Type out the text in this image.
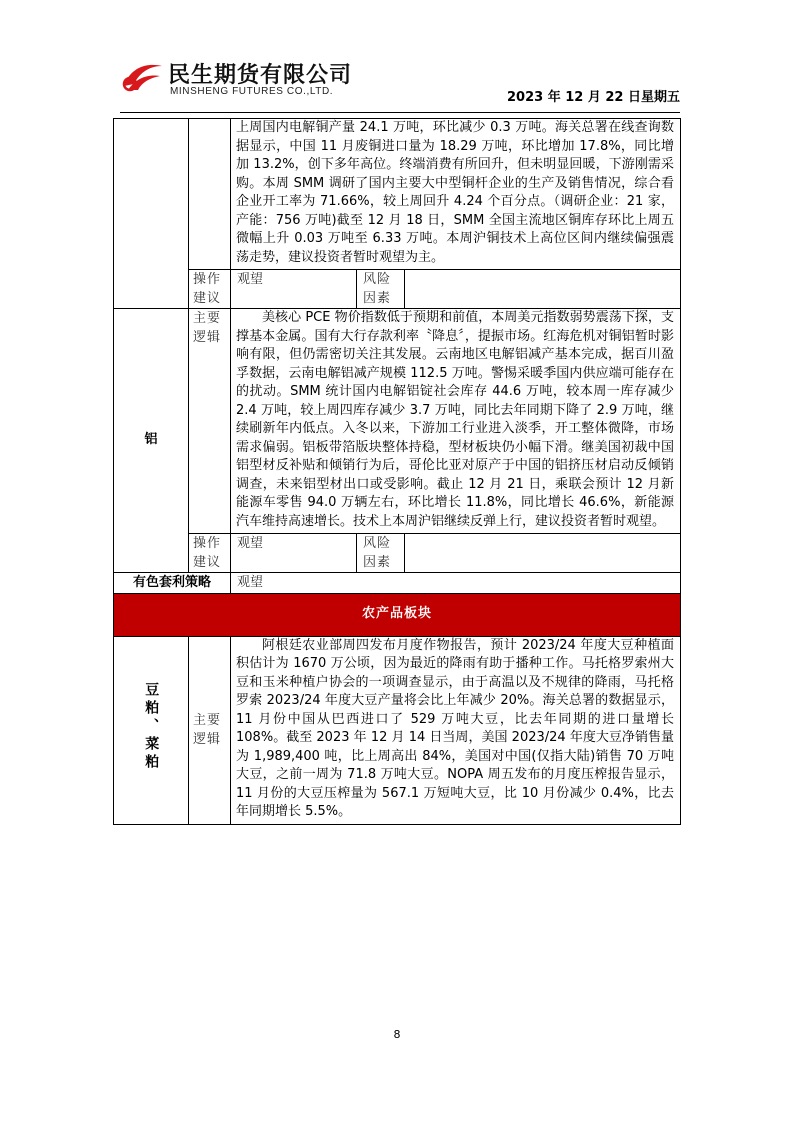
民生期货有限公司
MINSHENG FUTURES CO.,LTD.	2023 年 12 月 22 日星期五
		上周国内电解铜产量 24.1 万吨，环比减少 0.3 万吨。海关总署在线查询数据显示，中国 11 月废铜进口量为 18.29 万吨，环比增加 17.8%，同比增加 13.2%，创下多年高位。终端消费有所回升，但未明显回暖，下游刚需采购。本周 SMM 调研了国内主要大中型铜杆企业的生产及销售情况，综合看企业开工率为 71.66%，较上周回升 4.24 个百分点。（调研企业：21 家，产能：756 万吨)截至 12 月 18 日，SMM 全国主流地区铜库存环比上周五微幅上升 0.03 万吨至 6.33 万吨。本周沪铜技术上高位区间内继续偏强震荡走势，建议投资者暂时观望为主。		
	操作建议	观望	风险因素	
铝	主要逻辑	美核心 PCE 物价指数低于预期和前值，本周美元指数弱势震荡下探，支撑基本金属。国有大行存款利率〝降息〞，提振市场。红海危机对铜铝暂时影响有限，但仍需密切关注其发展。云南地区电解铝减产基本完成，据百川盈孚数据，云南电解铝减产规模 112.5 万吨。警惕采暖季国内供应端可能存在的扰动。SMM 统计国内电解铝锭社会库存 44.6 万吨，较本周一库存减少 2.4 万吨，较上周四库存减少 3.7 万吨，同比去年同期下降了 2.9 万吨，继续刷新年内低点。入冬以来，下游加工行业进入淡季，开工整体微降，市场需求偏弱。铝板带箔版块整体持稳，型材板块仍小幅下滑。继美国初裁中国铝型材反补贴和倾销行为后，哥伦比亚对原产于中国的铝挤压材启动反倾销调查，未来铝型材出口或受影响。截止 12 月 21 日，乘联会预计 12 月新能源车零售 94.0 万辆左右，环比增长 11.8%，同比增长 46.6%，新能源汽车维持高速增长。技术上本周沪铝继续反弹上行，建议投资者暂时观望。		
	操作建议	观望	风险因素	
有色套利策略		观望		
农产品板块				
豆粕、菜粕	主要逻辑	阿根廷农业部周四发布月度作物报告，预计 2023/24 年度大豆种植面积估计为 1670 万公顷，因为最近的降雨有助于播种工作。马托格罗索州大豆和玉米种植户协会的一项调查显示，由于高温以及不规律的降雨，马托格罗索 2023/24 年度大豆产量将会比上年减少 20%。海关总署的数据显示，11 月份中国从巴西进口了 529 万吨大豆，比去年同期的进口量增长 108%。截至 2023 年 12 月 14 日当周，美国 2023/24 年度大豆净销售量为 1,989,400 吨，比上周高出 84%，美国对中国(仅指大陆)销售 70 万吨大豆，之前一周为 71.8 万吨大豆。NOPA 周五发布的月度压榨报告显示，11 月份的大豆压榨量为 567.1 万短吨大豆，比 10 月份减少 0.4%，比去年同期增长 5.5%。		
8
